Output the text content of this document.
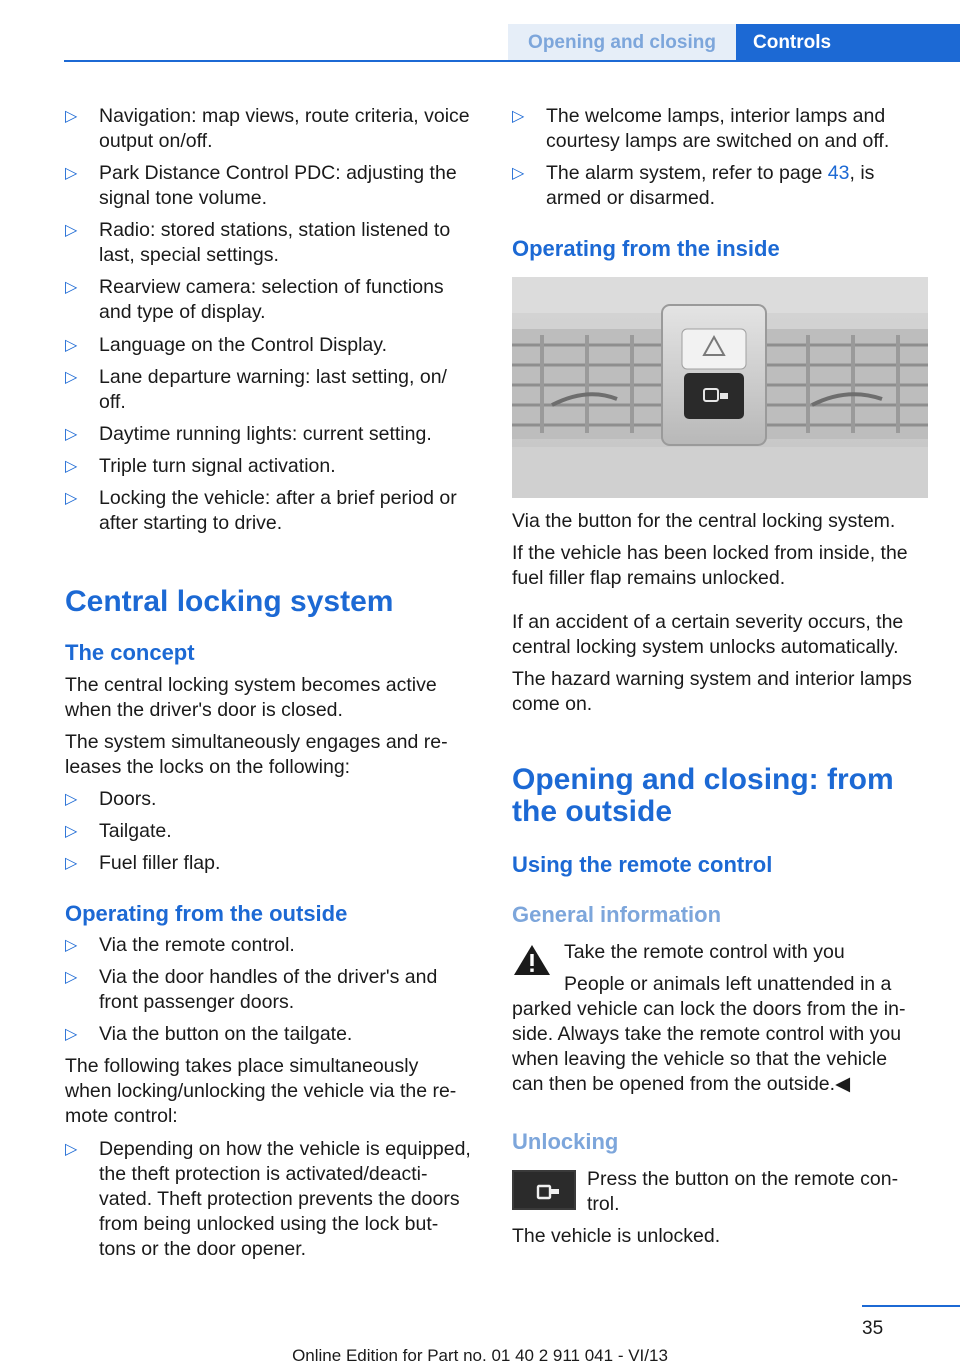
Opening and closing	Controls
▷ Navigation: map views, route criteria, voice
output on/off.
▷ Park Distance Control PDC: adjusting the
signal tone volume.
▷ Radio: stored stations, station listened to
last, special settings.
▷ Rearview camera: selection of functions
and type of display.
▷ Language on the Control Display.
▷ Lane departure warning: last setting, on/
off.
▷ Daytime running lights: current setting.
▷ Triple turn signal activation.
▷ Locking the vehicle: after a brief period or
after starting to drive.
Central locking system
The concept
The central locking system becomes active
when the driver's door is closed.
The system simultaneously engages and re‐
leases the locks on the following:
▷ Doors.
▷ Tailgate.
▷ Fuel filler flap.
Operating from the outside
▷ Via the remote control.
▷ Via the door handles of the driver's and
front passenger doors.
▷ Via the button on the tailgate.
The following takes place simultaneously
when locking/unlocking the vehicle via the re‐
mote control:
▷ Depending on how the vehicle is equipped,
the theft protection is activated/deacti‐
vated. Theft protection prevents the doors
from being unlocked using the lock but‐
tons or the door opener.
▷ The welcome lamps, interior lamps and
courtesy lamps are switched on and off.
▷ The alarm system, refer to page 43, is
armed or disarmed.
Operating from the inside
Via the button for the central locking system.
If the vehicle has been locked from inside, the
fuel filler flap remains unlocked.
If an accident of a certain severity occurs, the
central locking system unlocks automatically.
The hazard warning system and interior lamps
come on.
Opening and closing: from
the outside
Using the remote control
General information
Take the remote control with you
People or animals left unattended in a
parked vehicle can lock the doors from the in‐
side. Always take the remote control with you
when leaving the vehicle so that the vehicle
can then be opened from the outside.◀
Unlocking
Press the button on the remote con‐
trol.
The vehicle is unlocked.
35
Online Edition for Part no. 01 40 2 911 041 - VI/13
